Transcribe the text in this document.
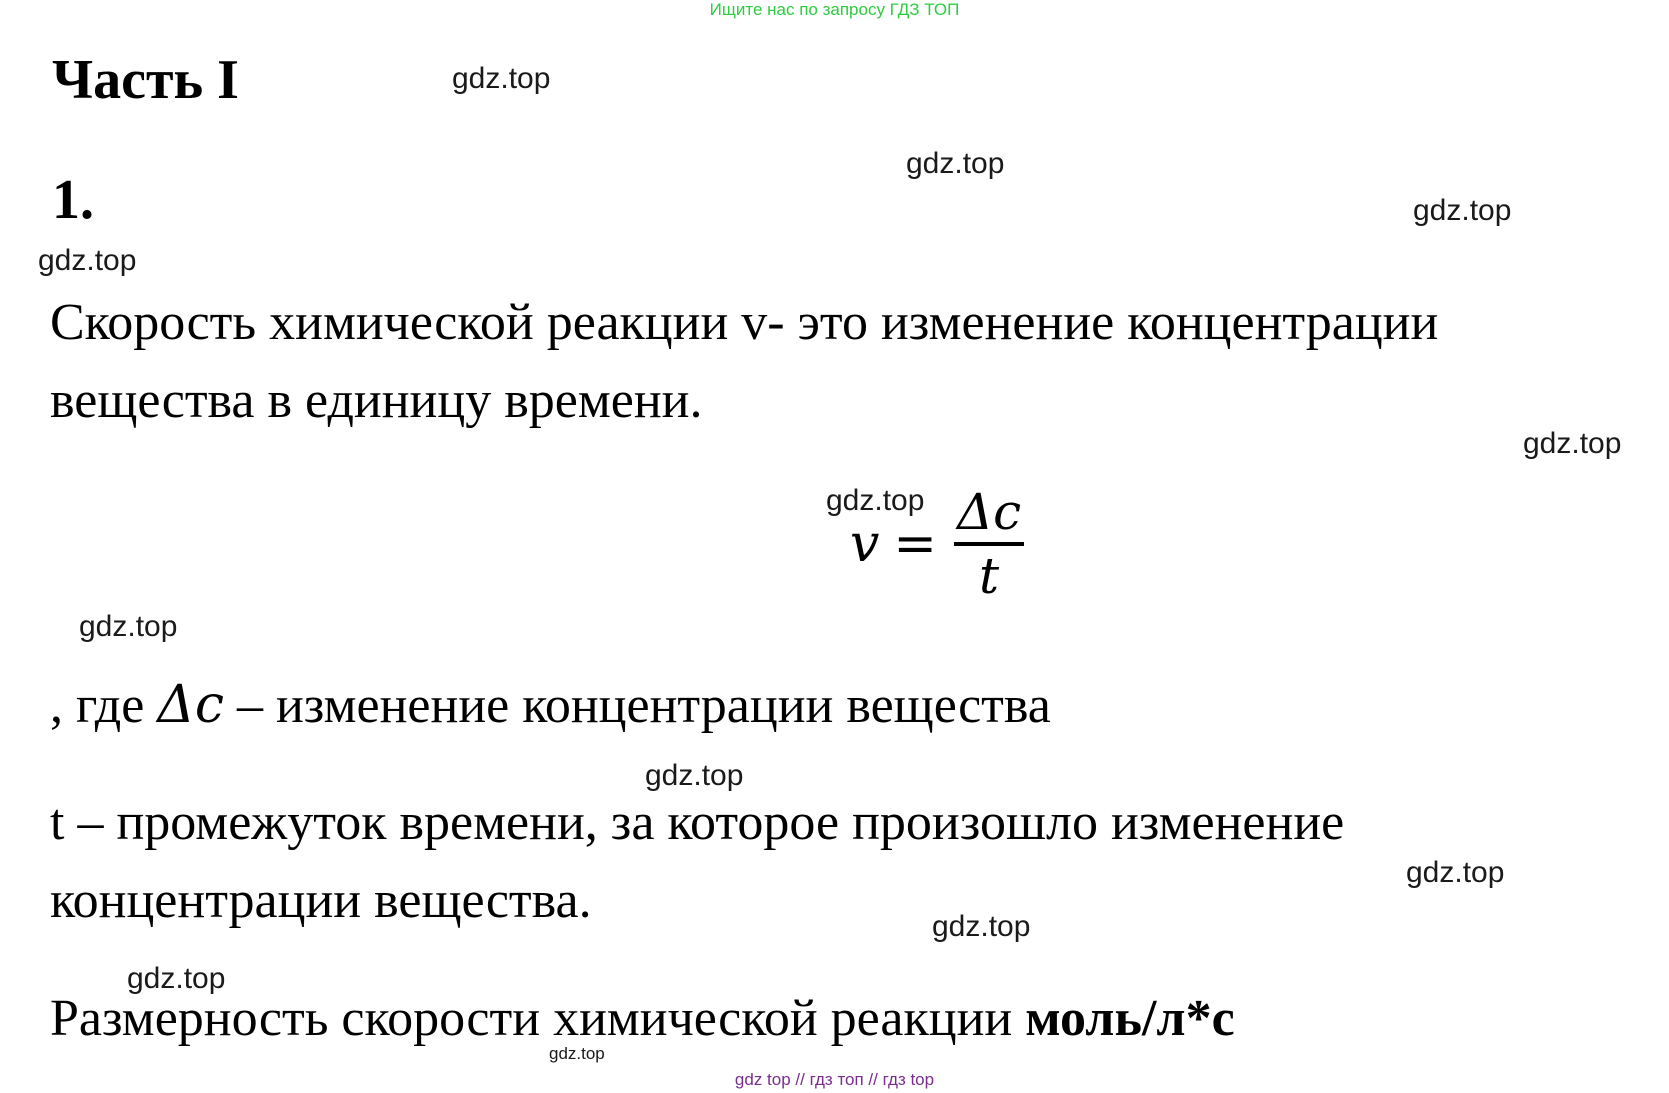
Ищите нас по запросу ГДЗ ТОП
Часть I
1.
Скорость химической реакции v- это изменение концентрации
вещества в единицу времени.
$v = \frac{\Delta c}{t}$
, где Δc – изменение концентрации вещества
t – промежуток времени, за которое произошло изменение
концентрации вещества.
Размерность скорости химической реакции моль/л*с
gdz.top
gdz.top
gdz.top
gdz.top
gdz.top
gdz.top
gdz.top
gdz.top
gdz.top
gdz.top
gdz.top
gdz.top
gdz top // гдз топ // гдз top
